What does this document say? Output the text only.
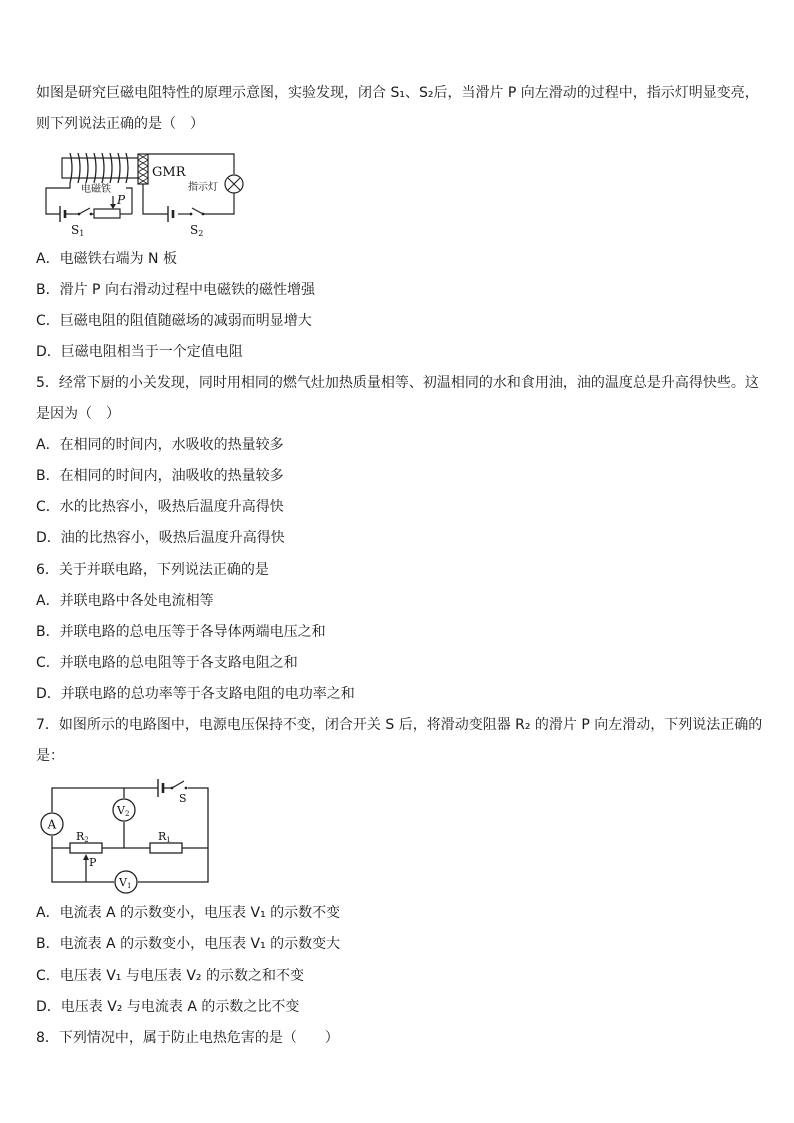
如图是研究巨磁电阻特性的原理示意图，实验发现，闭合 S₁、S₂后，当滑片 P 向左滑动的过程中，指示灯明显变亮，
则下列说法正确的是（　）
GMR
电磁铁
P
S1
指示灯
S2
A．电磁铁右端为 N 板
B．滑片 P 向右滑动过程中电磁铁的磁性增强
C．巨磁电阻的阻值随磁场的减弱而明显增大
D．巨磁电阻相当于一个定值电阻
5．经常下厨的小关发现，同时用相同的燃气灶加热质量相等、初温相同的水和食用油，油的温度总是升高得快些。这
是因为（　）
A．在相同的时间内，水吸收的热量较多
B．在相同的时间内，油吸收的热量较多
C．水的比热容小，吸热后温度升高得快
D．油的比热容小，吸热后温度升高得快
6．关于并联电路，下列说法正确的是
A．并联电路中各处电流相等
B．并联电路的总电压等于各导体两端电压之和
C．并联电路的总电阻等于各支路电阻之和
D．并联电路的总功率等于各支路电阻的电功率之和
7．如图所示的电路图中，电源电压保持不变，闭合开关 S 后，将滑动变阻器 R₂ 的滑片 P 向左滑动，下列说法正确的
是：
S
A
V2
R2
P
R1
V1
A．电流表 A 的示数变小，电压表 V₁ 的示数不变
B．电流表 A 的示数变小，电压表 V₁ 的示数变大
C．电压表 V₁ 与电压表 V₂ 的示数之和不变
D．电压表 V₂ 与电流表 A 的示数之比不变
8．下列情况中，属于防止电热危害的是（　　）
